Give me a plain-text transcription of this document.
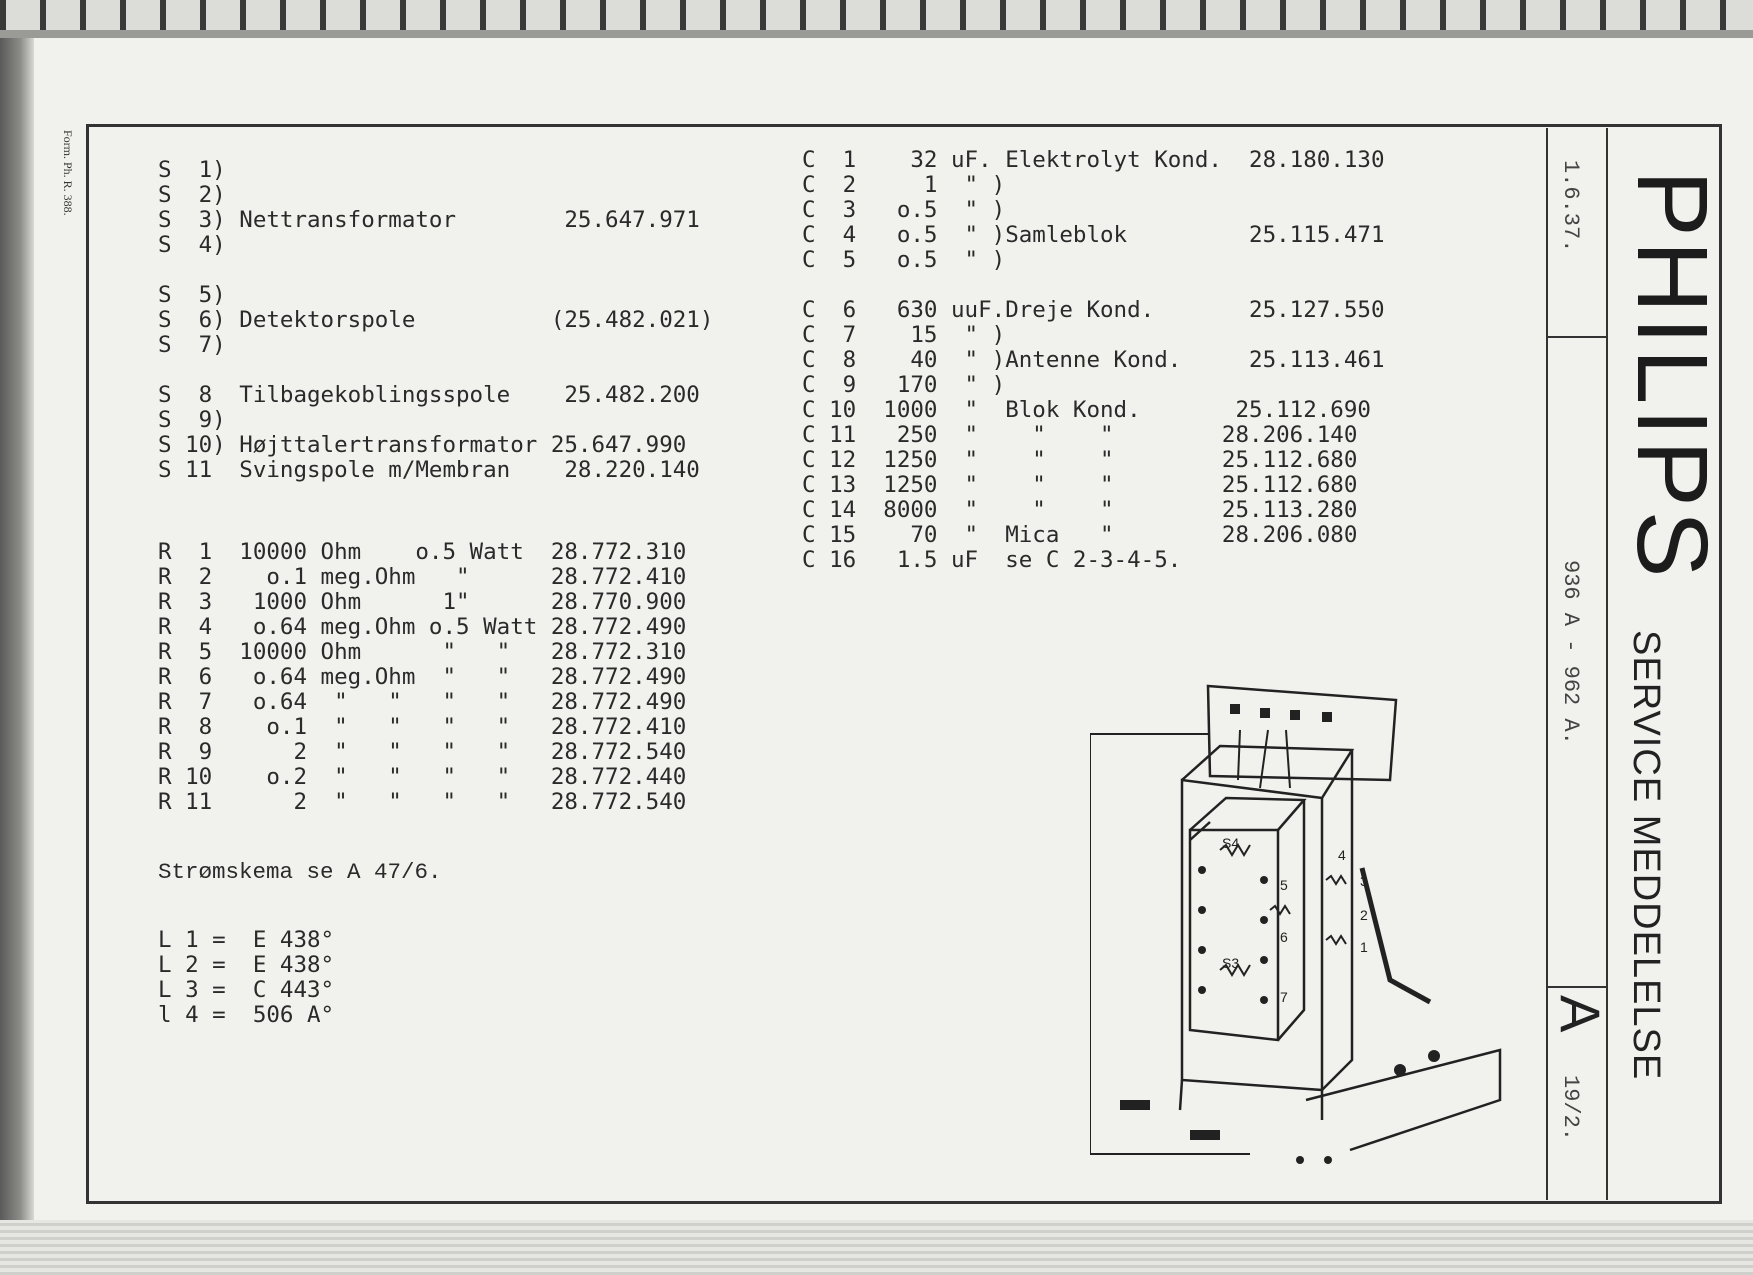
Form. Ph. R. 388.	S  1)
S  2)
S  3) Nettransformator        25.647.971
S  4)

S  5)
S  6) Detektorspole          (25.482.021)
S  7)

S  8  Tilbagekoblingsspole    25.482.200
S  9)
S 10) Højttalertransformator 25.647.990
S 11  Svingspole m/Membran    28.220.140
R  1  10000 Ohm    o.5 Watt  28.772.310
R  2    o.1 meg.Ohm   "      28.772.410
R  3   1000 Ohm      1"      28.770.900
R  4   o.64 meg.Ohm o.5 Watt 28.772.490
R  5  10000 Ohm      "   "   28.772.310
R  6   o.64 meg.Ohm  "   "   28.772.490
R  7   o.64  "   "   "   "   28.772.490
R  8    o.1  "   "   "   "   28.772.410
R  9      2  "   "   "   "   28.772.540
R 10    o.2  "   "   "   "   28.772.440
R 11      2  "   "   "   "   28.772.540
Strømskema se A 47/6.
L 1 =  E 438°
L 2 =  E 438°
L 3 =  C 443°
l 4 =  506 A°
C  1    32 uF. Elektrolyt Kond.  28.180.130
C  2     1  " )
C  3   o.5  " )
C  4   o.5  " )Samleblok         25.115.471
C  5   o.5  " )

C  6   630 uuF.Dreje Kond.       25.127.550
C  7    15  " )
C  8    40  " )Antenne Kond.     25.113.461
C  9   170  " )
C 10  1000  "  Blok Kond.       25.112.690
C 11   250  "    "    "        28.206.140
C 12  1250  "    "    "        25.112.680
C 13  1250  "    "    "        25.112.680
C 14  8000  "    "    "        25.113.280
C 15    70  "  Mica   "        28.206.080
C 16   1.5 uF  se C 2-3-4-5.
1.6.37.
936 A - 962 A.
19/2.
PHILIPS
SERVICE MEDDELELSE
A
S4
S3
5
6
7
1
2
3
4
